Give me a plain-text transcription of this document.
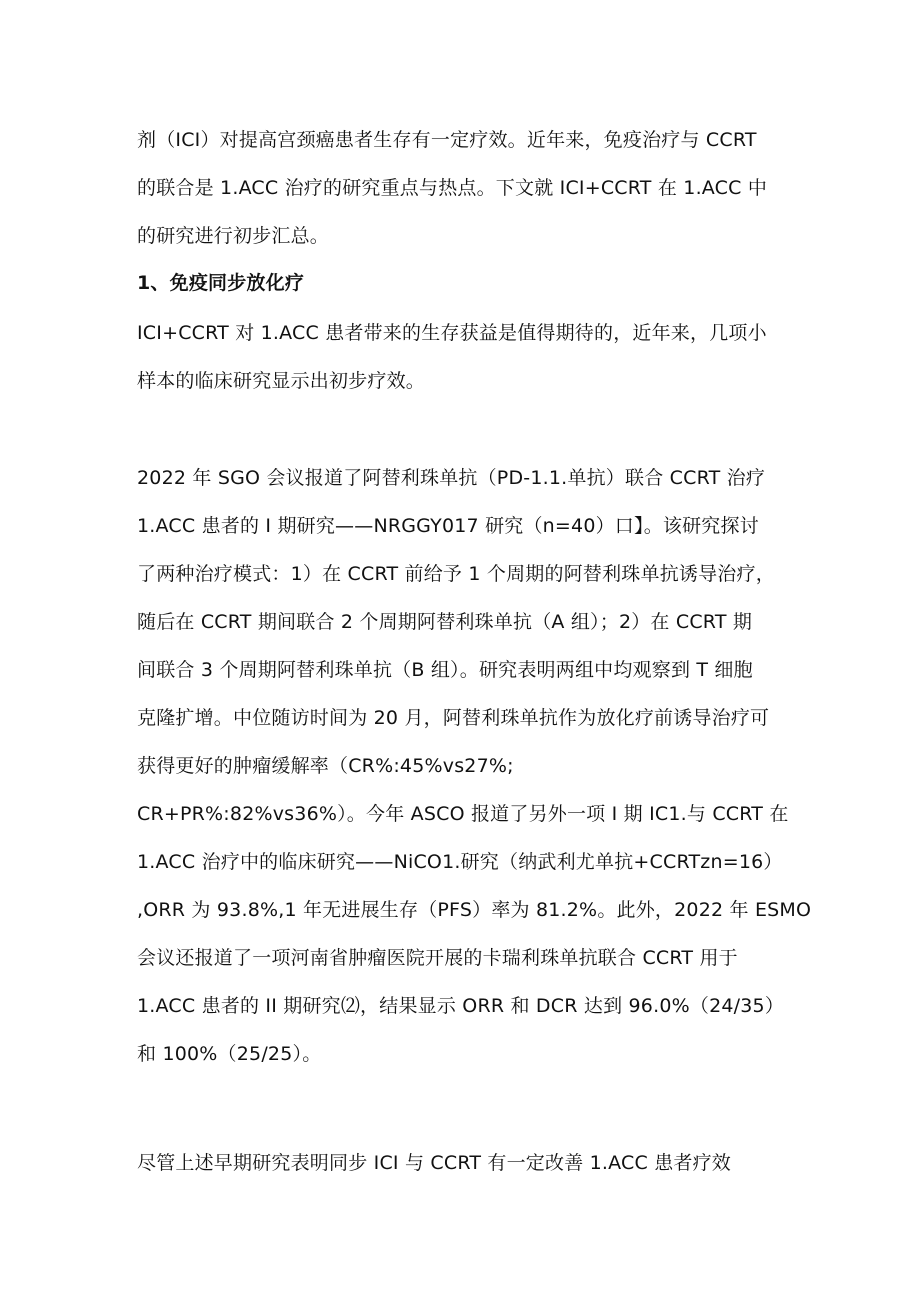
剂（ICI）对提高宫颈癌患者生存有一定疗效。近年来，免疫治疗与 CCRT
的联合是 1.ACC 治疗的研究重点与热点。下文就 ICI+CCRT 在 1.ACC 中
的研究进行初步汇总。
1、免疫同步放化疗
ICI+CCRT 对 1.ACC 患者带来的生存获益是值得期待的，近年来，几项小
样本的临床研究显示出初步疗效。
2022 年 SGO 会议报道了阿替利珠单抗（PD-1.1.单抗）联合 CCRT 治疗
1.ACC 患者的 I 期研究——NRGGY017 研究（n=40）口】。该研究探讨
了两种治疗模式：1）在 CCRT 前给予 1 个周期的阿替利珠单抗诱导治疗，
随后在 CCRT 期间联合 2 个周期阿替利珠单抗（A 组）；2）在 CCRT 期
间联合 3 个周期阿替利珠单抗（B 组）。研究表明两组中均观察到 T 细胞
克隆扩增。中位随访时间为 20 月，阿替利珠单抗作为放化疗前诱导治疗可
获得更好的肿瘤缓解率（CR%:45%vs27%;
CR+PR%:82%vs36%）。今年 ASCO 报道了另外一项 I 期 IC1.与 CCRT 在
1.ACC 治疗中的临床研究——NiCO1.研究（纳武利尤单抗+CCRTzn=16）
,ORR 为 93.8%,1 年无进展生存（PFS）率为 81.2%。此外，2022 年 ESMO
会议还报道了一项河南省肿瘤医院开展的卡瑞利珠单抗联合 CCRT 用于
1.ACC 患者的 II 期研究⑵，结果显示 ORR 和 DCR 达到 96.0%（24/35）
和 100%（25/25）。
尽管上述早期研究表明同步 ICI 与 CCRT 有一定改善 1.ACC 患者疗效
